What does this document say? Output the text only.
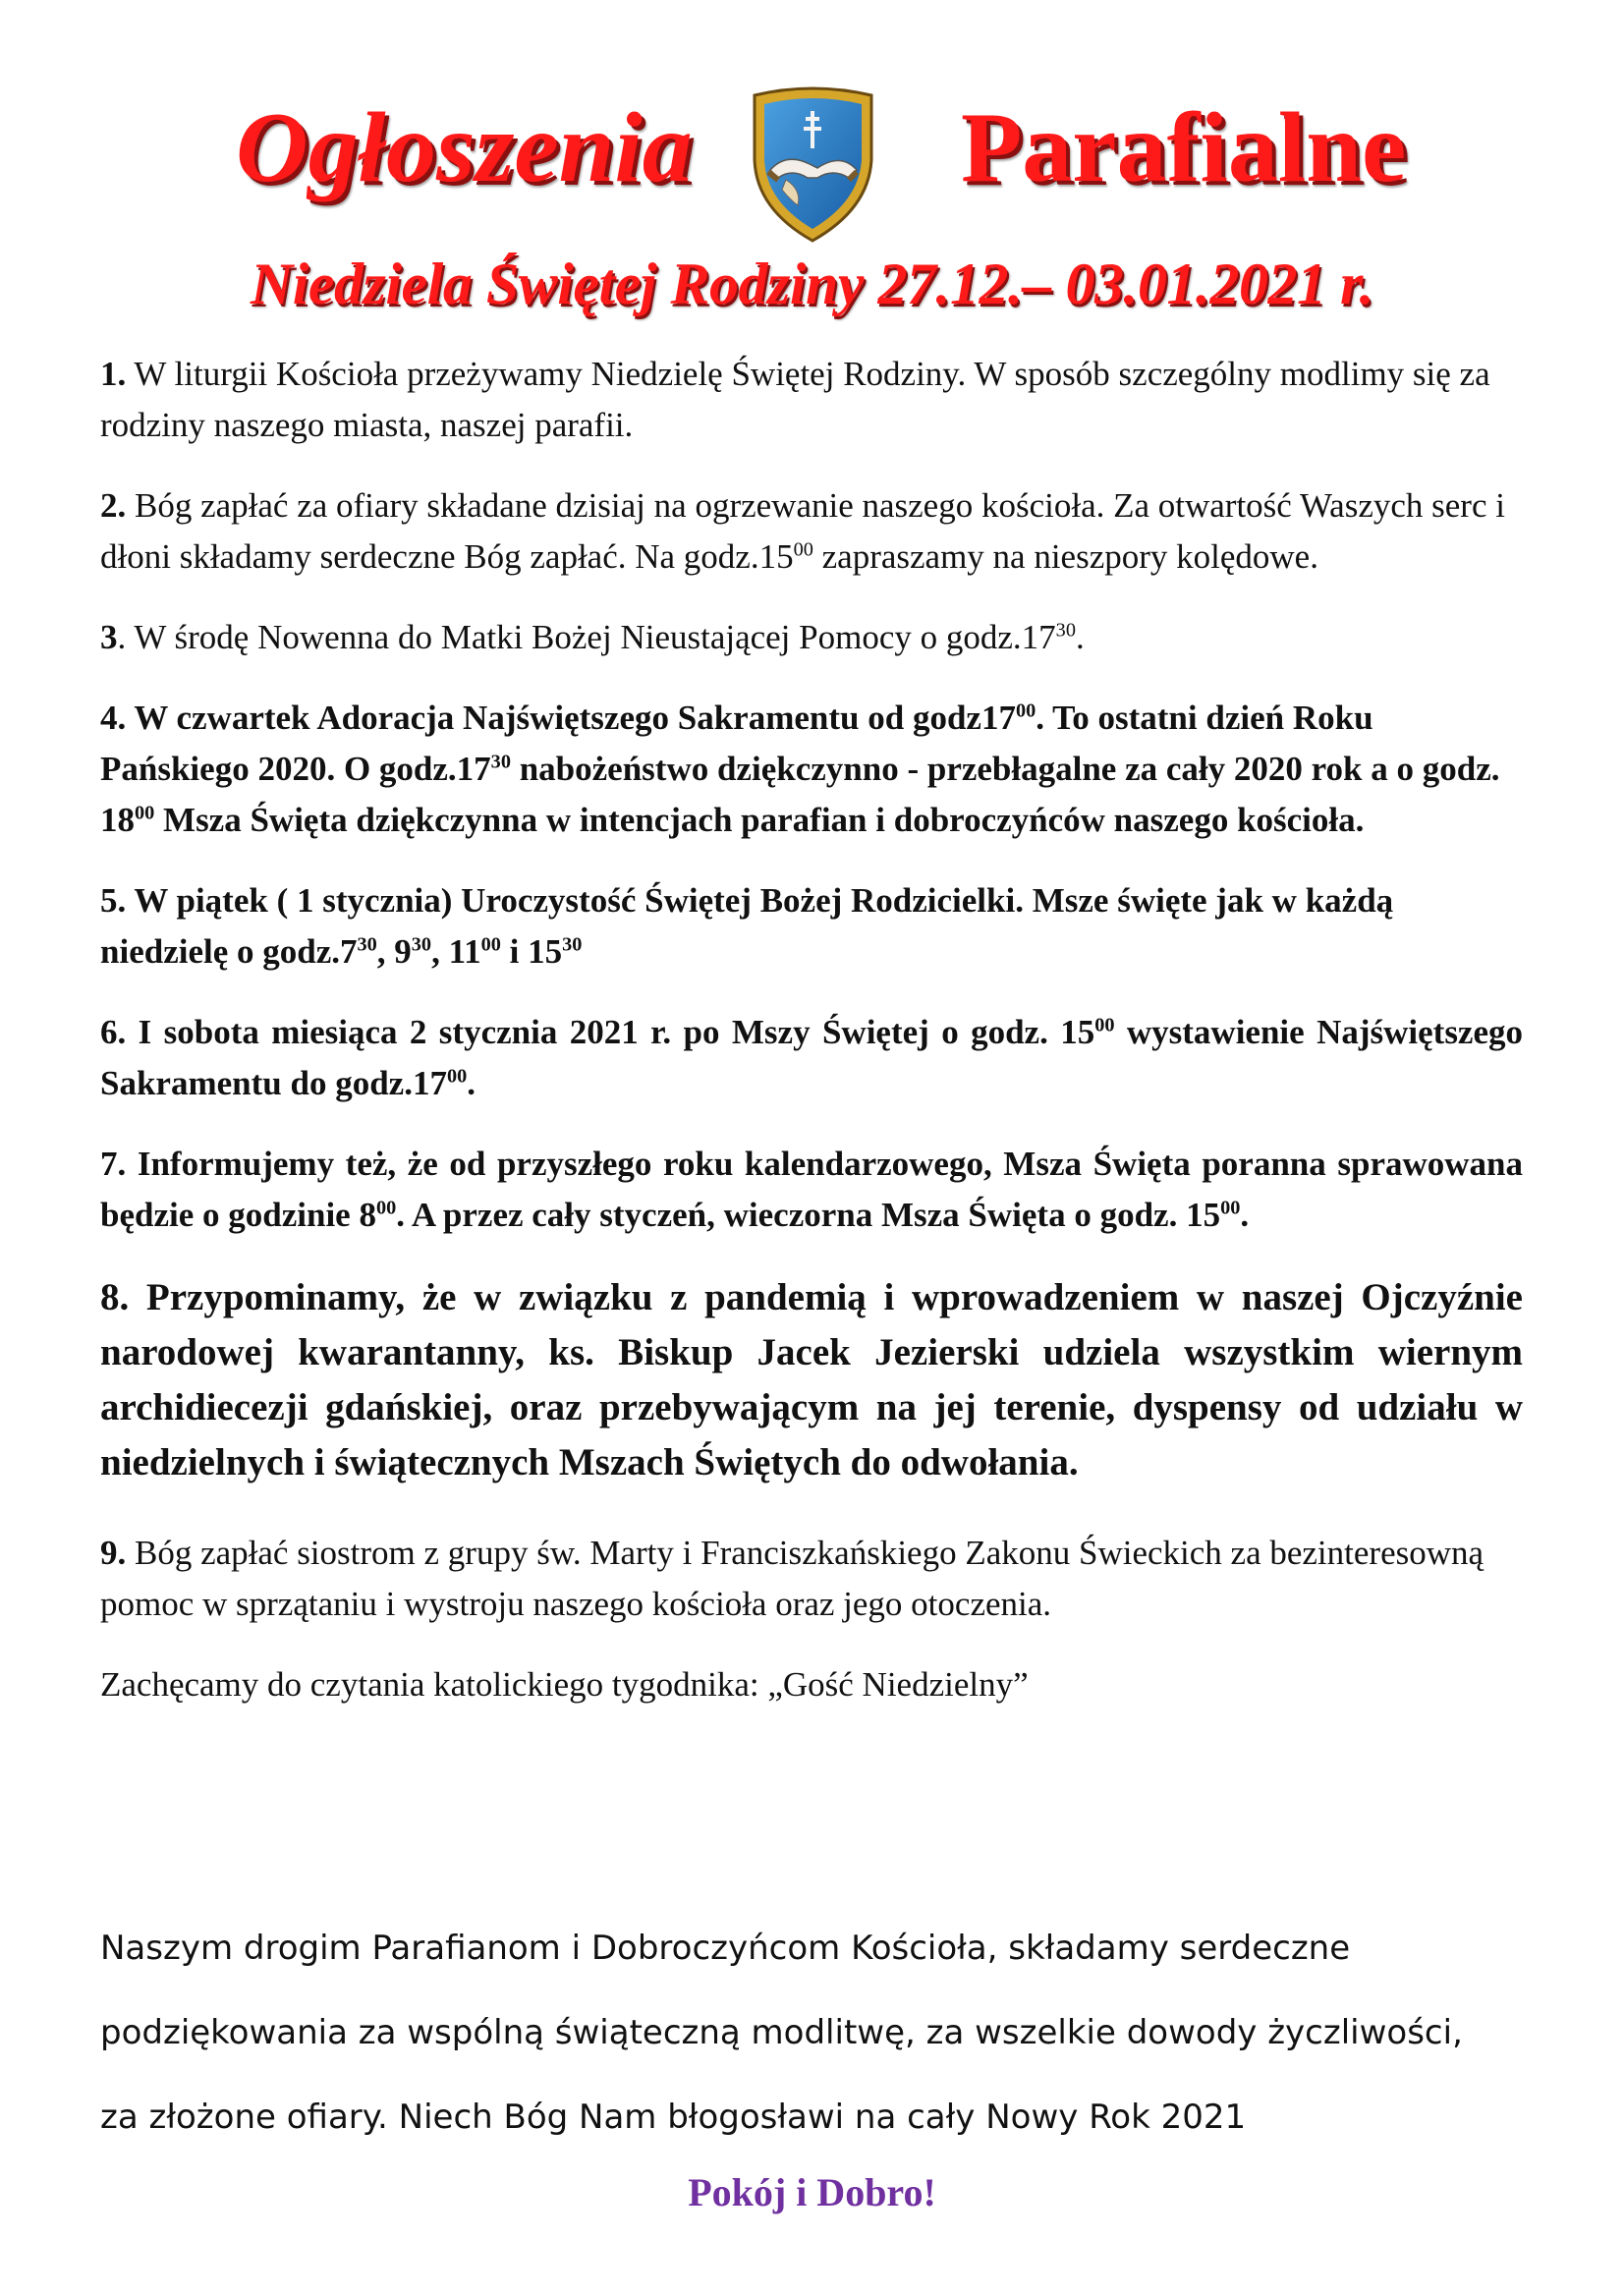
Ogłoszenia	Parafialne
Niedziela Świętej Rodziny 27.12.– 03.01.2021 r.

1. W liturgii Kościoła przeżywamy Niedzielę Świętej Rodziny. W sposób szczególny modlimy się za rodziny naszego miasta, naszej parafii.

2. Bóg zapłać za ofiary składane dzisiaj na ogrzewanie naszego kościoła. Za otwartość Waszych serc i dłoni składamy serdeczne Bóg zapłać. Na $godz.15^{00}$ zapraszamy na nieszpory kolędowe.

3. W środę Nowenna do Matki Bożej Nieustającej Pomocy o $godz.17^{30}$.

4. W czwartek Adoracja Najświętszego Sakramentu od $godz17^{00}$. To ostatni dzień Roku Pańskiego 2020. O $godz.17^{30}$ nabożeństwo dziękczynno - przebłagalne za cały 2020 rok a o godz. $18^{00}$ Msza Święta dziękczynna w intencjach parafian i dobroczyńców naszego kościoła.

5. W piątek ( 1 stycznia) Uroczystość Świętej Bożej Rodzicielki. Msze święte jak w każdą niedzielę o $godz.7^{30}$, $9^{30}$, $11^{00}$ i $15^{30}$

6. I sobota miesiąca 2 stycznia 2021 r. po Mszy Świętej o godz. $15^{00}$ wystawienie Najświętszego Sakramentu do $godz.17^{00}$.

7. Informujemy też, że od przyszłego roku kalendarzowego, Msza Święta poranna sprawowana będzie o godzinie $8^{00}$. A przez cały styczeń, wieczorna Msza Święta o godz. $15^{00}$.

8. Przypominamy, że w związku z pandemią i wprowadzeniem w naszej Ojczyźnie narodowej kwarantanny, ks. Biskup Jacek Jezierski udziela wszystkim wiernym archidiecezji gdańskiej, oraz przebywającym na jej terenie, dyspensy od udziału w niedzielnych i świątecznych Mszach Świętych do odwołania.

9. Bóg zapłać siostrom z grupy św. Marty i Franciszkańskiego Zakonu Świeckich za bezinteresowną pomoc w sprzątaniu i wystroju naszego kościoła oraz jego otoczenia.

Zachęcamy do czytania katolickiego tygodnika: „Gość Niedzielny”

Naszym drogim Parafianom i Dobroczyńcom Kościoła, składamy serdeczne
podziękowania za wspólną świąteczną modlitwę, za wszelkie dowody życzliwości,
za złożone ofiary. Niech Bóg Nam błogosławi na cały Nowy Rok 2021
Pokój i Dobro!
